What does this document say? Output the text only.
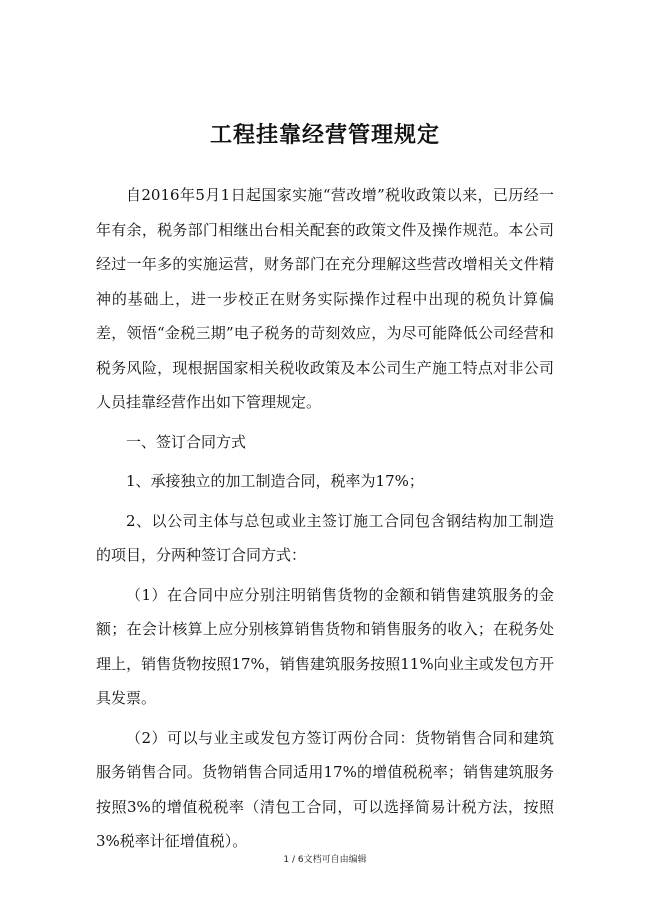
工程挂靠经营管理规定

自2016年5月1日起国家实施“营改增”税收政策以来，已历经一年有余，税务部门相继出台相关配套的政策文件及操作规范。本公司经过一年多的实施运营，财务部门在充分理解这些营改增相关文件精神的基础上，进一步校正在财务实际操作过程中出现的税负计算偏差，领悟“金税三期”电子税务的苛刻效应，为尽可能降低公司经营和税务风险，现根据国家相关税收政策及本公司生产施工特点对非公司人员挂靠经营作出如下管理规定。

一、签订合同方式

1、承接独立的加工制造合同，税率为17%；

2、以公司主体与总包或业主签订施工合同包含钢结构加工制造的项目，分两种签订合同方式：

（1）在合同中应分别注明销售货物的金额和销售建筑服务的金额；在会计核算上应分别核算销售货物和销售服务的收入；在税务处理上，销售货物按照17%，销售建筑服务按照11%向业主或发包方开具发票。

（2）可以与业主或发包方签订两份合同：货物销售合同和建筑服务销售合同。货物销售合同适用17%的增值税税率；销售建筑服务按照3%的增值税税率（清包工合同，可以选择简易计税方法，按照3%税率计征增值税）。

1 / 6文档可自由编辑
